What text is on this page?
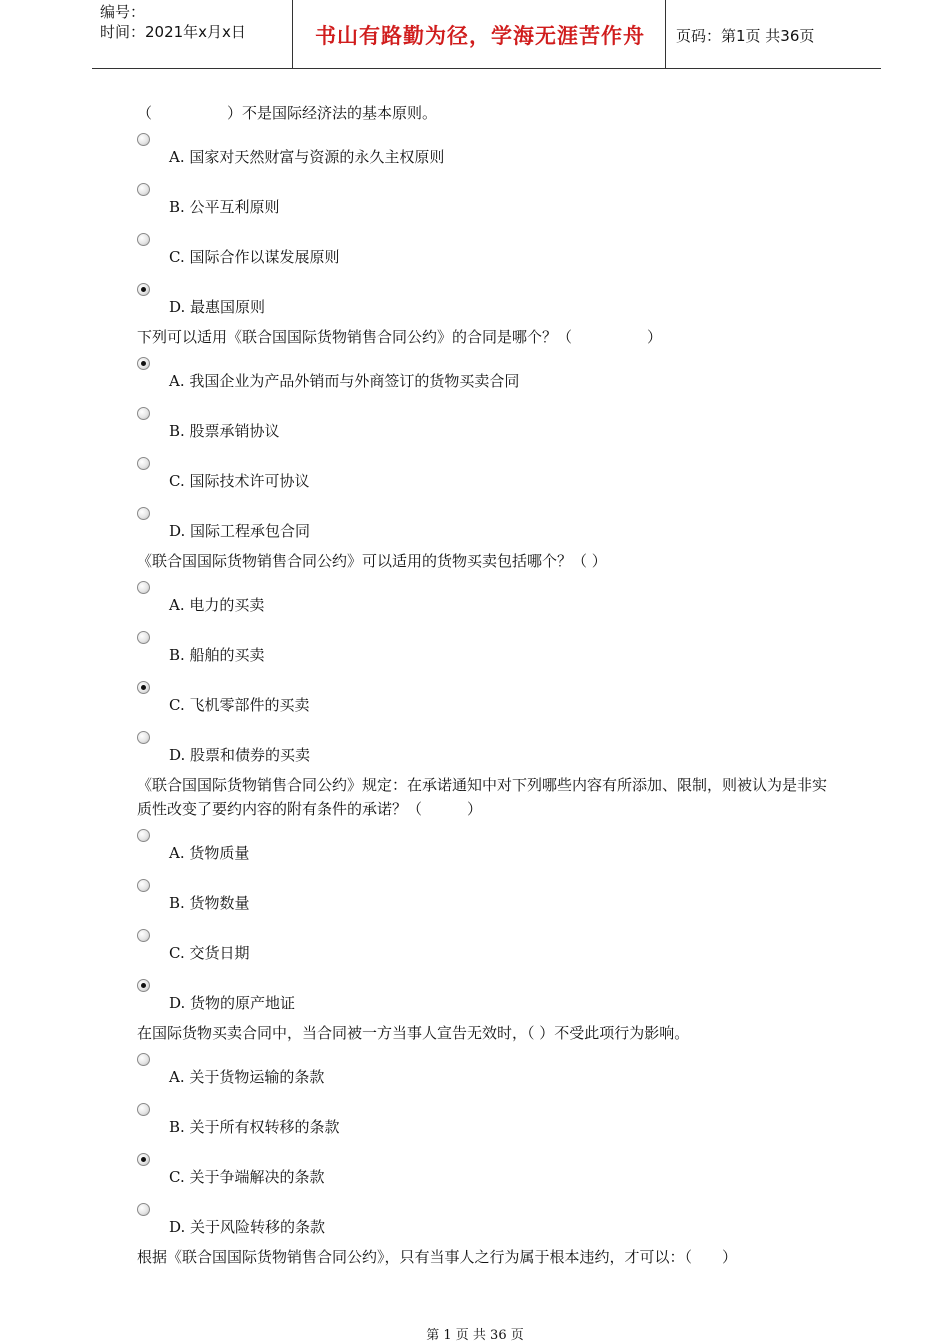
编号：
时间：2021年x月x日	书山有路勤为径，学海无涯苦作舟	页码：第1页 共36页

（　　　　　）不是国际经济法的基本原则。

A. 国家对天然财富与资源的永久主权原则
B. 公平互利原则
C. 国际合作以谋发展原则
D. 最惠国原则

下列可以适用《联合国国际货物销售合同公约》的合同是哪个？（　　　　　）

A. 我国企业为产品外销而与外商签订的货物买卖合同
B. 股票承销协议
C. 国际技术许可协议
D. 国际工程承包合同

《联合国国际货物销售合同公约》可以适用的货物买卖包括哪个？（ ）

A. 电力的买卖
B. 船舶的买卖
C. 飞机零部件的买卖
D. 股票和债券的买卖

《联合国国际货物销售合同公约》规定：在承诺通知中对下列哪些内容有所添加、限制，则被认为是非实质性改变了要约内容的附有条件的承诺？（　　　）

A. 货物质量
B. 货物数量
C. 交货日期
D. 货物的原产地证

在国际货物买卖合同中，当合同被一方当事人宣告无效时，（ ）不受此项行为影响。

A. 关于货物运输的条款
B. 关于所有权转移的条款
C. 关于争端解决的条款
D. 关于风险转移的条款

根据《联合国国际货物销售合同公约》，只有当事人之行为属于根本违约，才可以：（　　）

第 1 页 共 36 页
